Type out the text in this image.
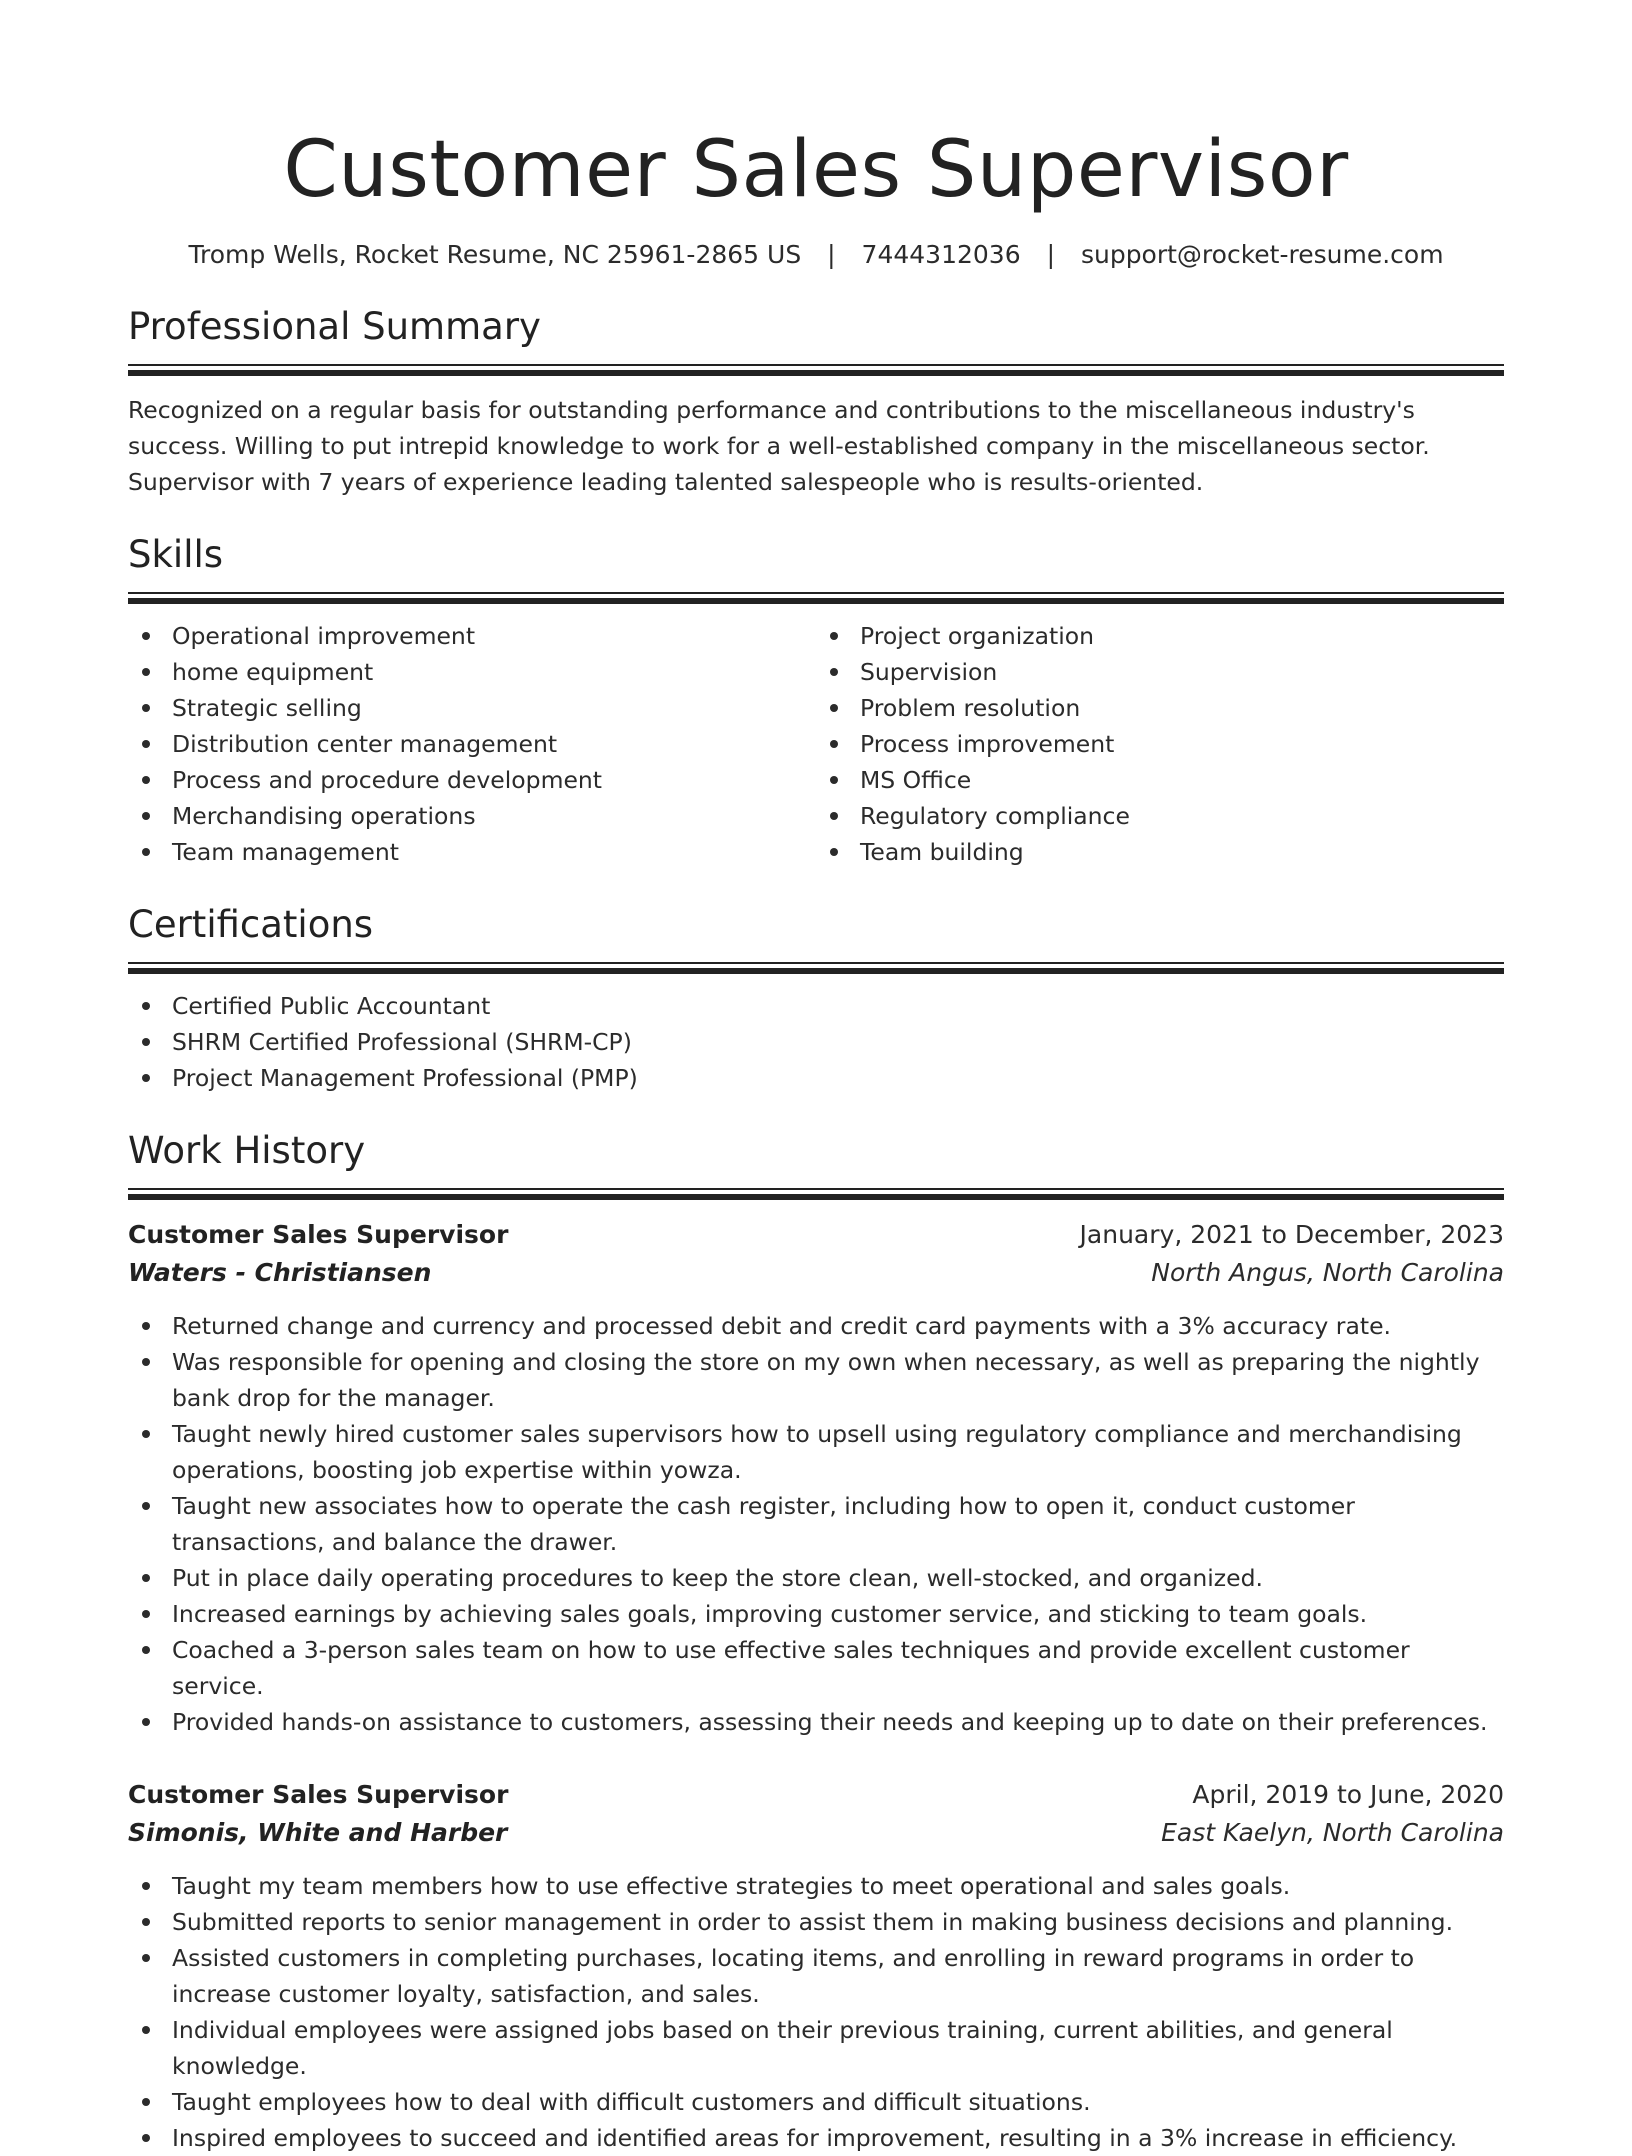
Customer Sales Supervisor
Tromp Wells, Rocket Resume, NC 25961-2865 US | 7444312036 | support@rocket-resume.com
Professional Summary

Recognized on a regular basis for outstanding performance and contributions to the miscellaneous industry's success. Willing to put intrepid knowledge to work for a well-established company in the miscellaneous sector. Supervisor with 7 years of experience leading talented salespeople who is results-oriented.

Skills
Operational improvement
home equipment
Strategic selling
Distribution center management
Process and procedure development
Merchandising operations
Team management
Project organization
Supervision
Problem resolution
Process improvement
MS Office
Regulatory compliance
Team building
Certifications
Certified Public Accountant
SHRM Certified Professional (SHRM-CP)
Project Management Professional (PMP)
Work History
Customer Sales Supervisor	January, 2021 to December, 2023
Waters - Christiansen	North Angus, North Carolina
Returned change and currency and processed debit and credit card payments with a 3% accuracy rate.
Was responsible for opening and closing the store on my own when necessary, as well as preparing the nightly bank drop for the manager.
Taught newly hired customer sales supervisors how to upsell using regulatory compliance and merchandising operations, boosting job expertise within yowza.
Taught new associates how to operate the cash register, including how to open it, conduct customer transactions, and balance the drawer.
Put in place daily operating procedures to keep the store clean, well-stocked, and organized.
Increased earnings by achieving sales goals, improving customer service, and sticking to team goals.
Coached a 3-person sales team on how to use effective sales techniques and provide excellent customer service.
Provided hands-on assistance to customers, assessing their needs and keeping up to date on their preferences.
Customer Sales Supervisor	April, 2019 to June, 2020
Simonis, White and Harber	East Kaelyn, North Carolina
Taught my team members how to use effective strategies to meet operational and sales goals.
Submitted reports to senior management in order to assist them in making business decisions and planning.
Assisted customers in completing purchases, locating items, and enrolling in reward programs in order to increase customer loyalty, satisfaction, and sales.
Individual employees were assigned jobs based on their previous training, current abilities, and general knowledge.
Taught employees how to deal with difficult customers and difficult situations.
Inspired employees to succeed and identified areas for improvement, resulting in a 3% increase in efficiency.
